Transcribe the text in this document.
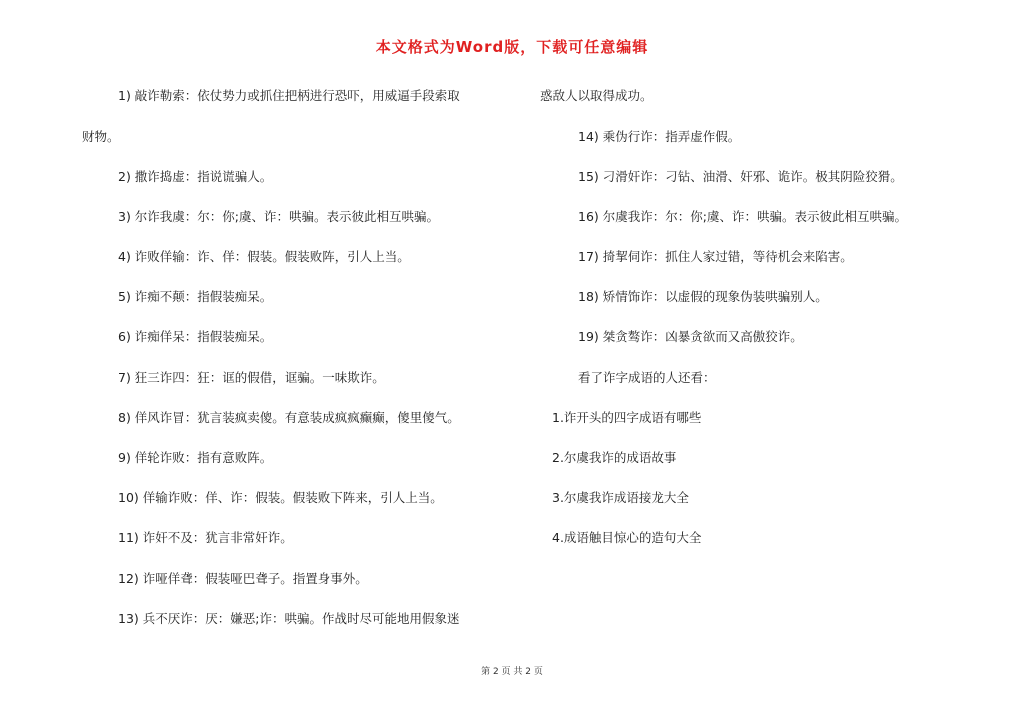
本文格式为Word版，下载可任意编辑
1) 敲诈勒索：依仗势力或抓住把柄进行恐吓，用威逼手段索取
财物。
2) 撒诈捣虚：指说谎骗人。
3) 尔诈我虞：尔：你;虞、诈：哄骗。表示彼此相互哄骗。
4) 诈败佯输：诈、佯：假装。假装败阵，引人上当。
5) 诈痴不颠：指假装痴呆。
6) 诈痴佯呆：指假装痴呆。
7) 狂三诈四：狂：诓的假借，诓骗。一味欺诈。
8) 佯风诈冒：犹言装疯卖傻。有意装成疯疯癫癫，傻里傻气。
9) 佯轮诈败：指有意败阵。
10) 佯输诈败：佯、诈：假装。假装败下阵来，引人上当。
11) 诈奸不及：犹言非常奸诈。
12) 诈哑佯聋：假装哑巴聋子。指置身事外。
13) 兵不厌诈：厌：嫌恶;诈：哄骗。作战时尽可能地用假象迷
惑敌人以取得成功。
14) 乘伪行诈：指弄虚作假。
15) 刁滑奸诈：刁钻、油滑、奸邪、诡诈。极其阴险狡猾。
16) 尔虞我诈：尔：你;虞、诈：哄骗。表示彼此相互哄骗。
17) 掎挈伺诈：抓住人家过错，等待机会来陷害。
18) 矫情饰诈：以虚假的现象伪装哄骗别人。
19) 桀贪骜诈：凶暴贪欲而又高傲狡诈。
看了诈字成语的人还看：
1.诈开头的四字成语有哪些
2.尔虞我诈的成语故事
3.尔虞我诈成语接龙大全
4.成语触目惊心的造句大全
第 2 页 共 2 页
